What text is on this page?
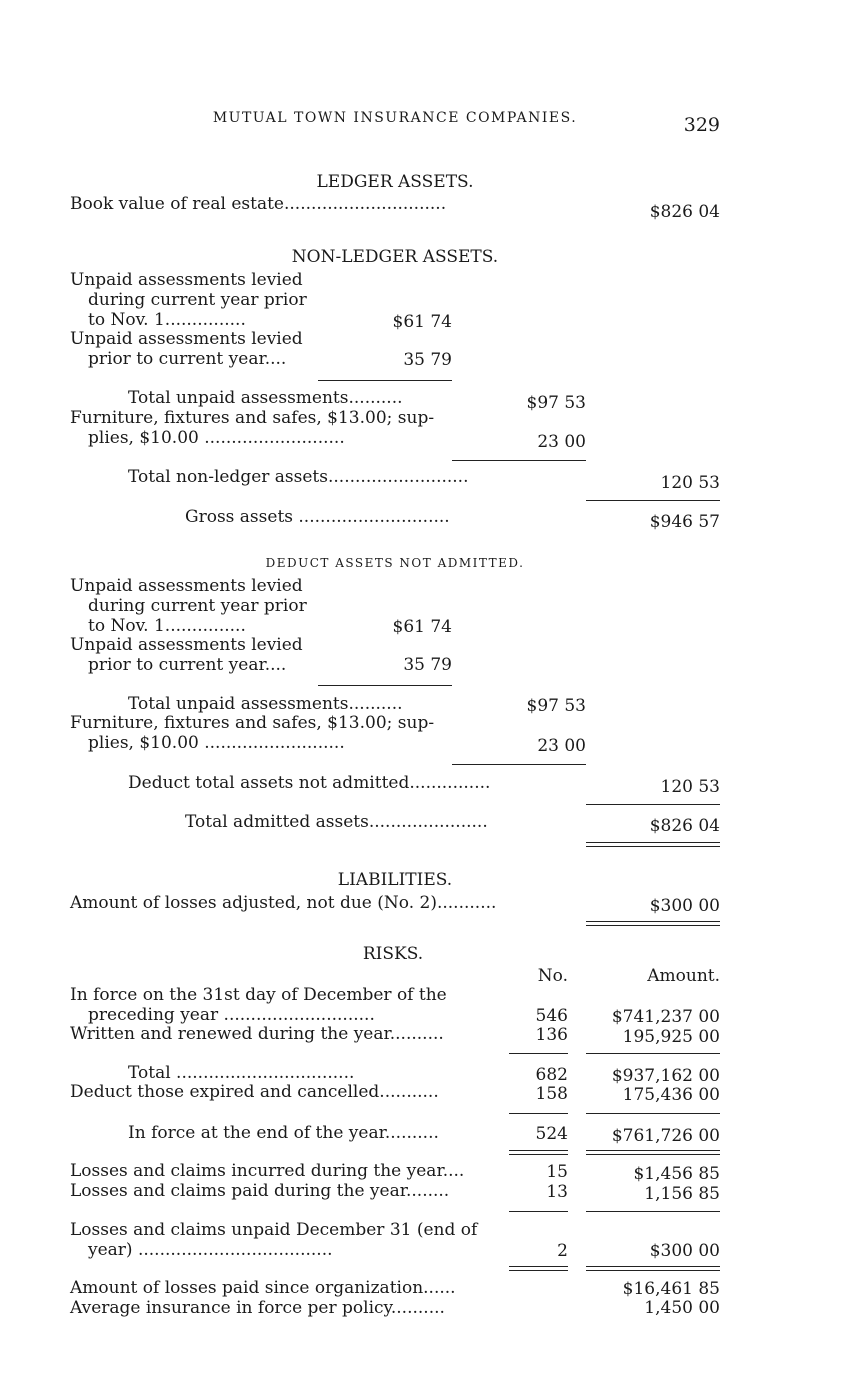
MUTUAL TOWN INSURANCE COMPANIES.	329
LEDGER ASSETS.
Book value of real estate..............................	$826 04
NON-LEDGER ASSETS.
Unpaid assessments levied
during current year prior
to Nov. 1...............	$61 74
Unpaid assessments levied
prior to current year....	35 79
Total unpaid assessments..........	$97 53
Furniture, fixtures and safes, $13.00; sup-
plies, $10.00 ..........................	23 00
Total non-ledger assets..........................	120 53
Gross assets ............................	$946 57
DEDUCT ASSETS NOT ADMITTED.
Unpaid assessments levied
during current year prior
to Nov. 1...............	$61 74
Unpaid assessments levied
prior to current year....	35 79
Total unpaid assessments..........	$97 53
Furniture, fixtures and safes, $13.00; sup-
plies, $10.00 ..........................	23 00
Deduct total assets not admitted...............	120 53
Total admitted assets......................	$826 04
LIABILITIES.
Amount of losses adjusted, not due (No. 2)...........	$300 00
RISKS.
No.	Amount.
In force on the 31st day of December of the
preceding year ............................	546	$741,237 00
Written and renewed during the year..........	136	195,925 00
Total .................................	682	$937,162 00
Deduct those expired and cancelled...........	158	175,436 00
In force at the end of the year..........	524	$761,726 00
Losses and claims incurred during the year....	15	$1,456 85
Losses and claims paid during the year........	13	1,156 85
Losses and claims unpaid December 31 (end of
year) ....................................	2	$300 00
Amount of losses paid since organization......	$16,461 85
Average insurance in force per policy..........	1,450 00
